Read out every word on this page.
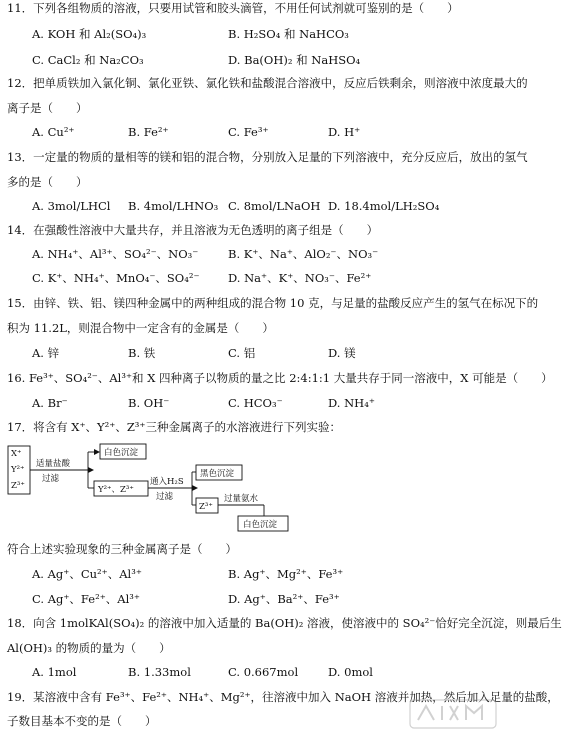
11．下列各组物质的溶液，只要用试管和胶头滴管，不用任何试剂就可鉴别的是（　　）
A. KOH 和 Al₂(SO₄)₃	B. H₂SO₄ 和 NaHCO₃
C. CaCl₂ 和 Na₂CO₃	D. Ba(OH)₂ 和 NaHSO₄
12．把单质铁加入氯化铜、氯化亚铁、氯化铁和盐酸混合溶液中，反应后铁剩余，则溶液中浓度最大的
离子是（　　）
A. Cu²⁺	B. Fe²⁺	C. Fe³⁺	D. H⁺
13．一定量的物质的量相等的镁和铝的混合物，分别放入足量的下列溶液中，充分反应后，放出的氢气
多的是（　　）
A. 3mol/LHCl B. 4mol/LHNO₃ C. 8mol/LNaOH D. 18.4mol/LH₂SO₄
14．在强酸性溶液中大量共存，并且溶液为无色透明的离子组是（　　）
A. NH₄⁺、Al³⁺、SO₄²⁻、NO₃⁻	B. K⁺、Na⁺、AlO₂⁻、NO₃⁻
C. K⁺、NH₄⁺、MnO₄⁻、SO₄²⁻ D. Na⁺、K⁺、NO₃⁻、Fe²⁺
15．由锌、铁、铝、镁四种金属中的两种组成的混合物 10 克，与足量的盐酸反应产生的氢气在标况下的
积为 11.2L，则混合物中一定含有的金属是（　　）
A. 锌	B. 铁	C. 铝	D. 镁
16. Fe³⁺、SO₄²⁻、Al³⁺和 X 四种离子以物质的量之比 2:4:1:1 大量共存于同一溶液中，X 可能是（　　）
A. Br⁻	B. OH⁻	C. HCO₃⁻	D. NH₄⁺
17．将含有 X⁺、Y²⁺、Z³⁺三种金属离子的水溶液进行下列实验：
X⁺
Y²⁺
Z³⁺
适量盐酸
过滤
白色沉淀
Y²⁺、Z³⁺
通入H₂S
过滤
黑色沉淀
Z³⁺
过量氨水
白色沉淀
符合上述实验现象的三种金属离子是（　　）
A. Ag⁺、Cu²⁺、Al³⁺	B. Ag⁺、Mg²⁺、Fe³⁺
C. Ag⁺、Fe²⁺、Al³⁺	D. Ag⁺、Ba²⁺、Fe³⁺
18．向含 1molKAl(SO₄)₂ 的溶液中加入适量的 Ba(OH)₂ 溶液，使溶液中的 SO₄²⁻恰好完全沉淀，则最后生
Al(OH)₃ 的物质的量为（　　）
A. 1mol	B. 1.33mol	C. 0.667mol	D. 0mol
19．某溶液中含有 Fe³⁺、Fe²⁺、NH₄⁺、Mg²⁺，往溶液中加入 NaOH 溶液并加热，然后加入足量的盐酸，
子数目基本不变的是（　　）
